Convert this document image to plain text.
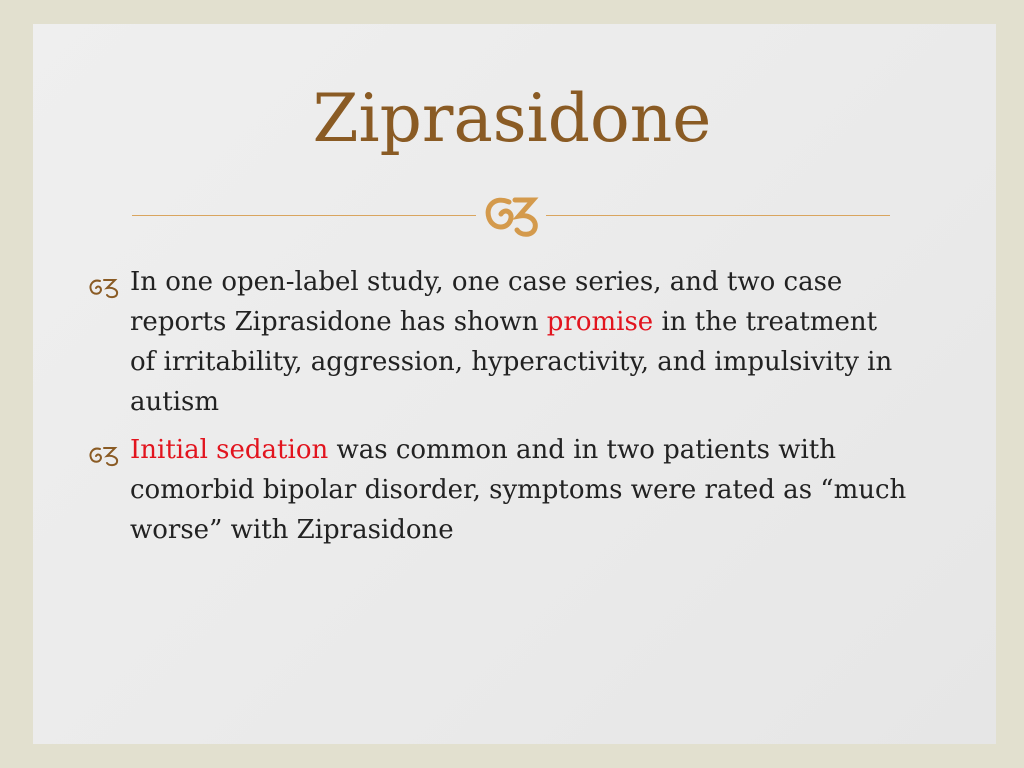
Ziprasidone
In one open-label study, one case series, and two case reports Ziprasidone has shown promise in the treatment of irritability, aggression, hyperactivity, and impulsivity in autism
Initial sedation was common and in two patients with comorbid bipolar disorder, symptoms were rated as “much worse” with Ziprasidone
